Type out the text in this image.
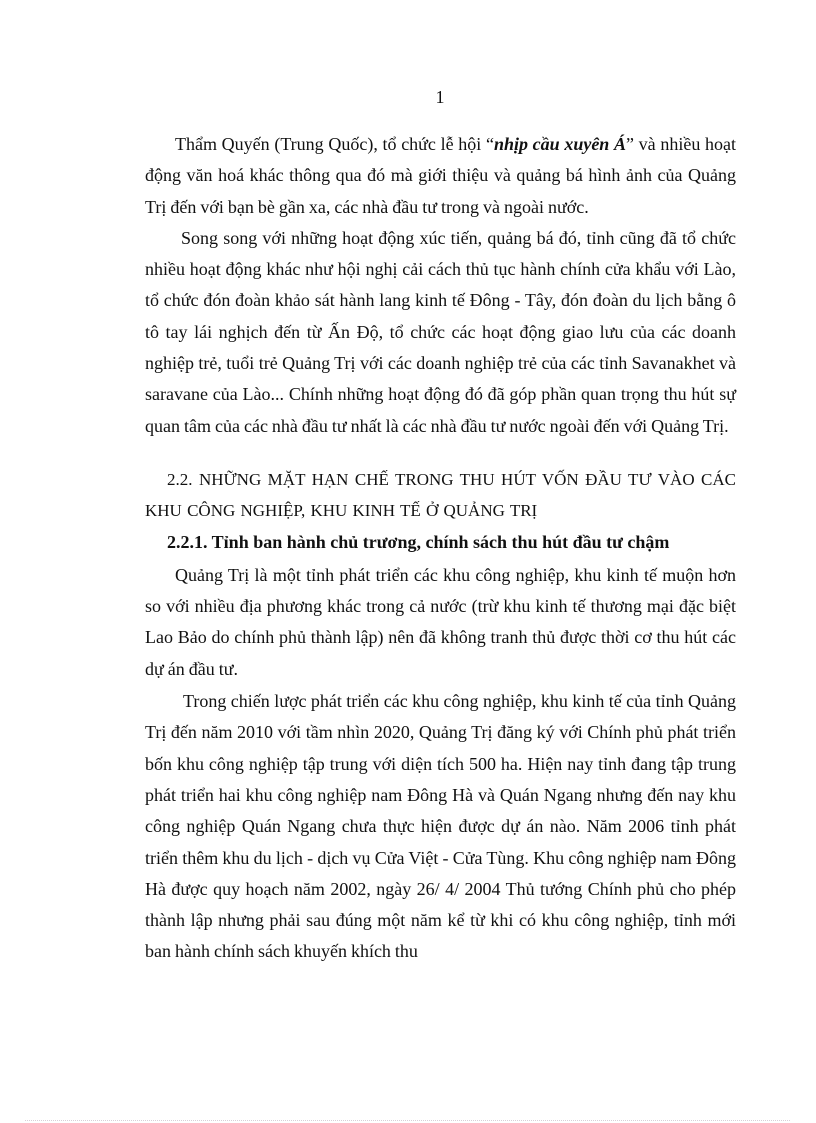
1

Thẩm Quyến (Trung Quốc), tổ chức lễ hội “nhịp cầu xuyên Á” và nhiều hoạt động văn hoá khác thông qua đó mà giới thiệu và quảng bá hình ảnh của Quảng Trị đến với bạn bè gần xa, các nhà đầu tư trong và ngoài nước.

Song song với những hoạt động xúc tiến, quảng bá đó, tỉnh cũng đã tổ chức nhiều hoạt động khác như hội nghị cải cách thủ tục hành chính cửa khẩu với Lào, tổ chức đón đoàn khảo sát hành lang kinh tế Đông - Tây, đón đoàn du lịch bằng ô tô tay lái nghịch đến từ Ấn Độ, tổ chức các hoạt động giao lưu của các doanh nghiệp trẻ, tuổi trẻ Quảng Trị với các doanh nghiệp trẻ của các tỉnh Savanakhet và saravane của Lào... Chính những hoạt động đó đã góp phần quan trọng thu hút sự quan tâm của các nhà đầu tư nhất là các nhà đầu tư nước ngoài đến với Quảng Trị.

2.2. NHỮNG MẶT HẠN CHẾ TRONG THU HÚT VỐN ĐẦU TƯ VÀO CÁC KHU CÔNG NGHIỆP, KHU KINH TẾ Ở QUẢNG TRỊ

2.2.1. Tỉnh ban hành chủ trương, chính sách thu hút đầu tư chậm

Quảng Trị là một tỉnh phát triển các khu công nghiệp, khu kinh tế muộn hơn so với nhiều địa phương khác trong cả nước (trừ khu kinh tế thương mại đặc biệt Lao Bảo do chính phủ thành lập) nên đã không tranh thủ được thời cơ thu hút các dự án đầu tư.

Trong chiến lược phát triển các khu công nghiệp, khu kinh tế của tỉnh Quảng Trị đến năm 2010 với tầm nhìn 2020, Quảng Trị đăng ký với Chính phủ phát triển bốn khu công nghiệp tập trung với diện tích 500 ha. Hiện nay tỉnh đang tập trung phát triển hai khu công nghiệp nam Đông Hà và Quán Ngang nhưng đến nay khu công nghiệp Quán Ngang chưa thực hiện được dự án nào. Năm 2006 tỉnh phát triển thêm khu du lịch - dịch vụ Cửa Việt - Cửa Tùng. Khu công nghiệp nam Đông Hà được quy hoạch năm 2002, ngày 26/ 4/ 2004 Thủ tướng Chính phủ cho phép thành lập nhưng phải sau đúng một năm kể từ khi có khu công nghiệp, tỉnh mới ban hành chính sách khuyến khích thu
